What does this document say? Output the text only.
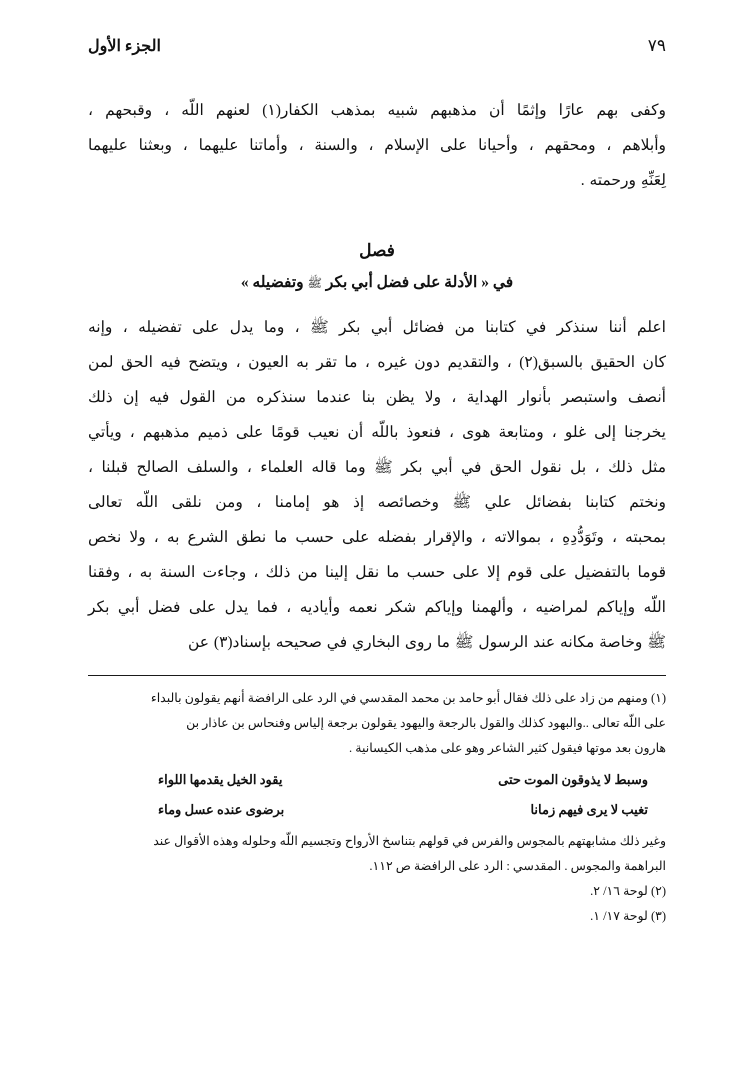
٧٩
الجزء الأول

وكفى بهم عارًا وإثمًا أن مذهبهم شبيه بمذهب الكفار(١) لعنهم اللّه ، وقبحهم ،

وأبلاهم ، ومحقهم ، وأحيانا على الإسلام ، والسنة ، وأماتنا عليهما ، وبعثنا عليهما

لِعَنِّهِ ورحمته .

فصل
في « الأدلة على فضل أبي بكر ﷺ وتفضيله »

اعلم أننا سنذكر في كتابنا من فضائل أبي بكر ﷺ ، وما يدل على تفضيله ، وإنه

كان الحقيق بالسبق(٢) ، والتقديم دون غيره ، ما تقر به العيون ، ويتضح فيه الحق لمن

أنصف واستبصر بأنوار الهداية ، ولا يظن بنا عندما سنذكره من القول فيه إن ذلك

يخرجنا إلى غلو ، ومتابعة هوى ، فنعوذ باللّه أن نعيب قومًا على ذميم مذهبهم ، ويأتي

مثل ذلك ، بل نقول الحق في أبي بكر ﷺ وما قاله العلماء ، والسلف الصالح قبلنا ،

ونختم كتابنا بفضائل علي ﷺ وخصائصه إذ هو إمامنا ، ومن نلقى اللّه تعالى

بمحبته ، وتَوَدُّدِهِ ، بموالاته ، والإقرار بفضله على حسب ما نطق الشرع به ، ولا نخص

قوما بالتفضيل على قوم إلا على حسب ما نقل إلينا من ذلك ، وجاءت السنة به ، وفقنا

اللّه وإياكم لمراضيه ، وألهمنا وإياكم شكر نعمه وأياديه ، فما يدل على فضل أبي بكر

ﷺ وخاصة مكانه عند الرسول ﷺ ما روى البخاري في صحيحه بإسناد(٣) عن

(١) ومنهم من زاد على ذلك فقال أبو حامد بن محمد المقدسي في الرد على الرافضة أنهم يقولون بالبداء

على اللّه تعالى ..والبهود كذلك والقول بالرجعة واليهود يقولون برجعة إلياس وفنحاس بن عاذار بن

هارون بعد موتها فيقول كثير الشاعر وهو على مذهب الكيسانية .

وسبط لا يذوقون الموت حتى
يقود الخيل يقدمها اللواء
تغيب لا يرى فيهم زمانا
برضوى عنده عسل وماء

وغير ذلك مشابهتهم بالمجوس والفرس في قولهم بتناسخ الأرواح وتجسيم اللّه وحلوله وهذه الأقوال عند

البراهمة والمجوس . المقدسي : الرد على الرافضة ص ١١٢.

(٢) لوحة ١٦/ ٢.

(٣) لوحة ١٧/ ١.
